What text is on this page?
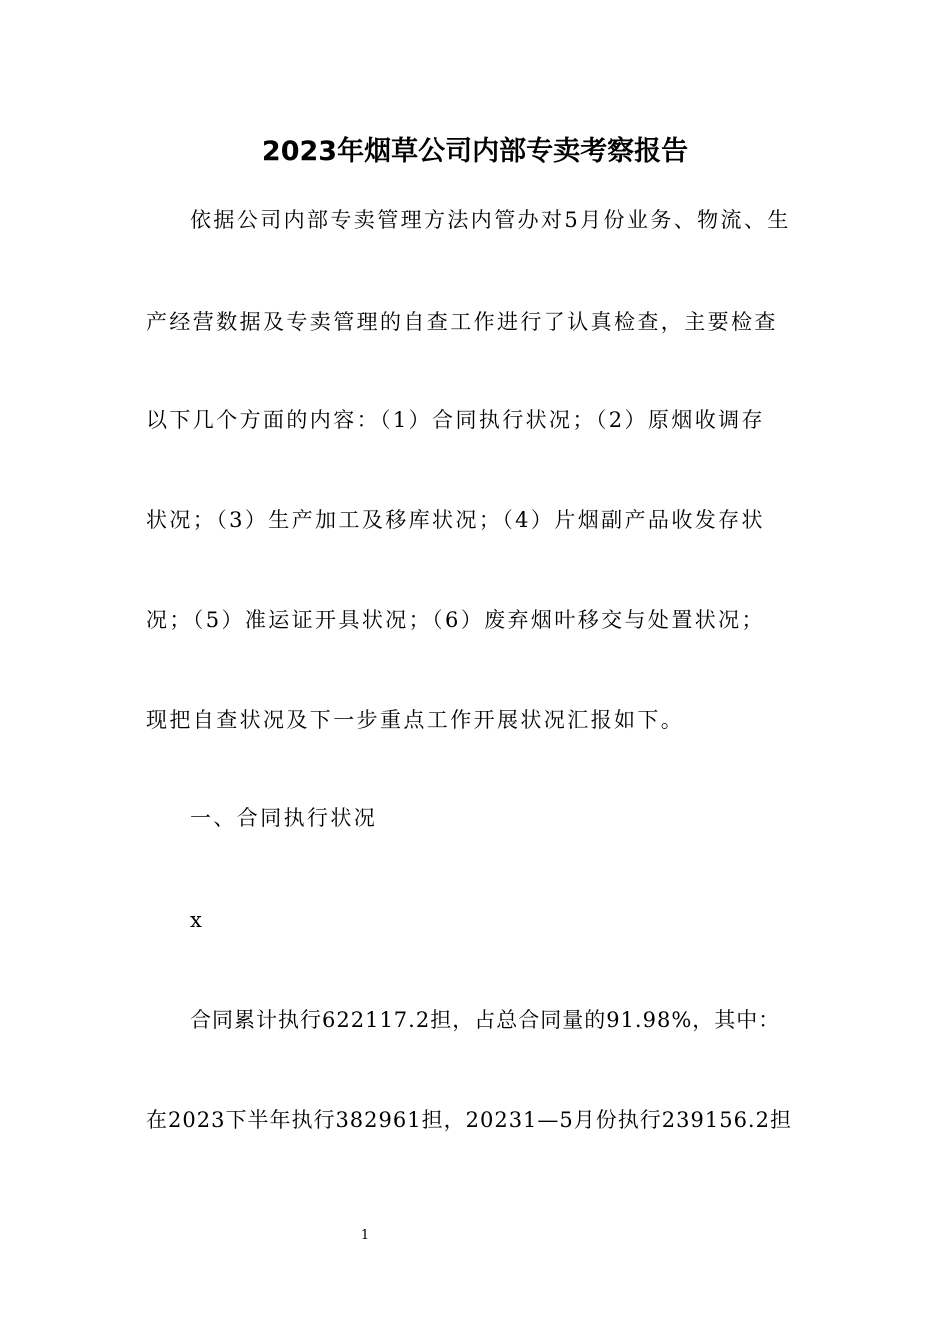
2023年烟草公司内部专卖考察报告
依据公司内部专卖管理方法内管办对5月份业务、物流、生
产经营数据及专卖管理的自查工作进行了认真检查，主要检查
以下几个方面的内容：（1）合同执行状况；（2）原烟收调存
状况；（3）生产加工及移库状况；（4）片烟副产品收发存状
况；（5）准运证开具状况；（6）废弃烟叶移交与处置状况；
现把自查状况及下一步重点工作开展状况汇报如下。
一、合同执行状况
x
合同累计执行622117.2担，占总合同量的91.98%，其中：
在2023下半年执行382961担，20231—5月份执行239156.2担
1
